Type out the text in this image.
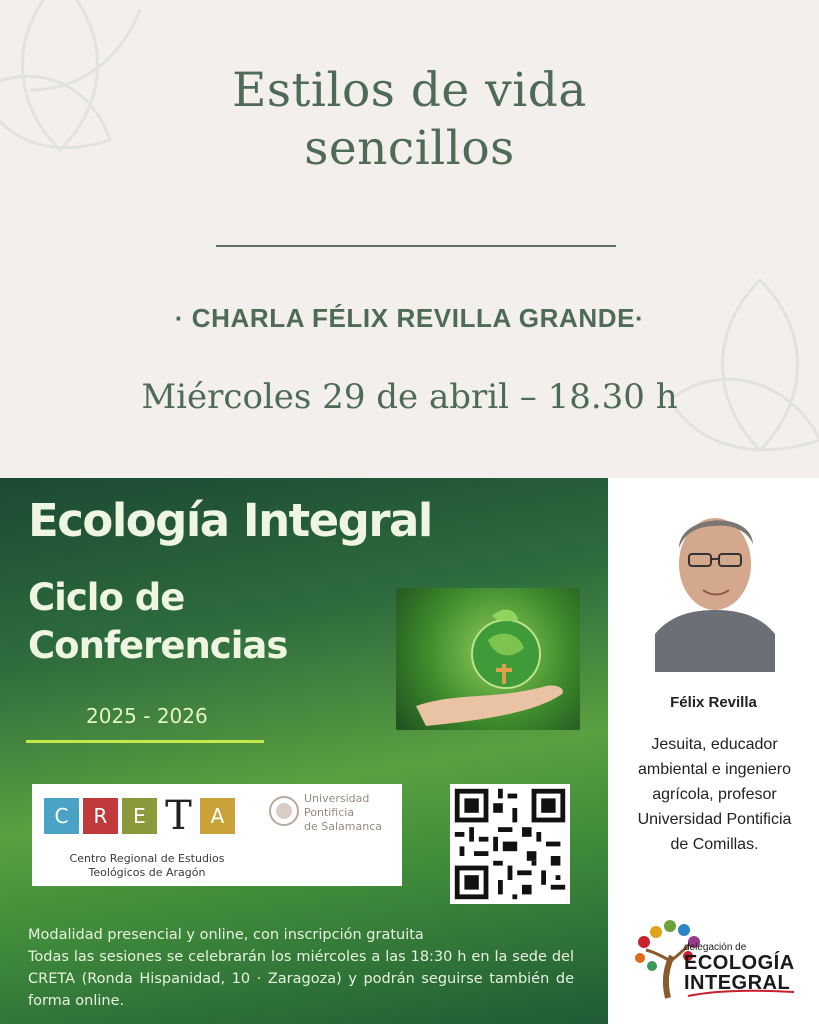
Estilos de vida
sencillos
· CHARLA FÉLIX REVILLA GRANDE·
Miércoles 29 de abril – 18.30 h
Ecología Integral
Ciclo de
Conferencias
2025 - 2026
C	R	E T A
Centro Regional de Estudios
Teológicos de Aragón
Universidad
Pontificia
de Salamanca
Modalidad presencial y online, con inscripción gratuita
Todas las sesiones se celebrarán los miércoles a las 18:30 h en la sede del CRETA (Ronda Hispanidad, 10 · Zaragoza) y podrán seguirse también de forma online.
Félix Revilla
Jesuita, educador
ambiental e ingeniero
agrícola, profesor
Universidad Pontificia
de Comillas.
delegación de
ECOLOGÍA
INTEGRAL
